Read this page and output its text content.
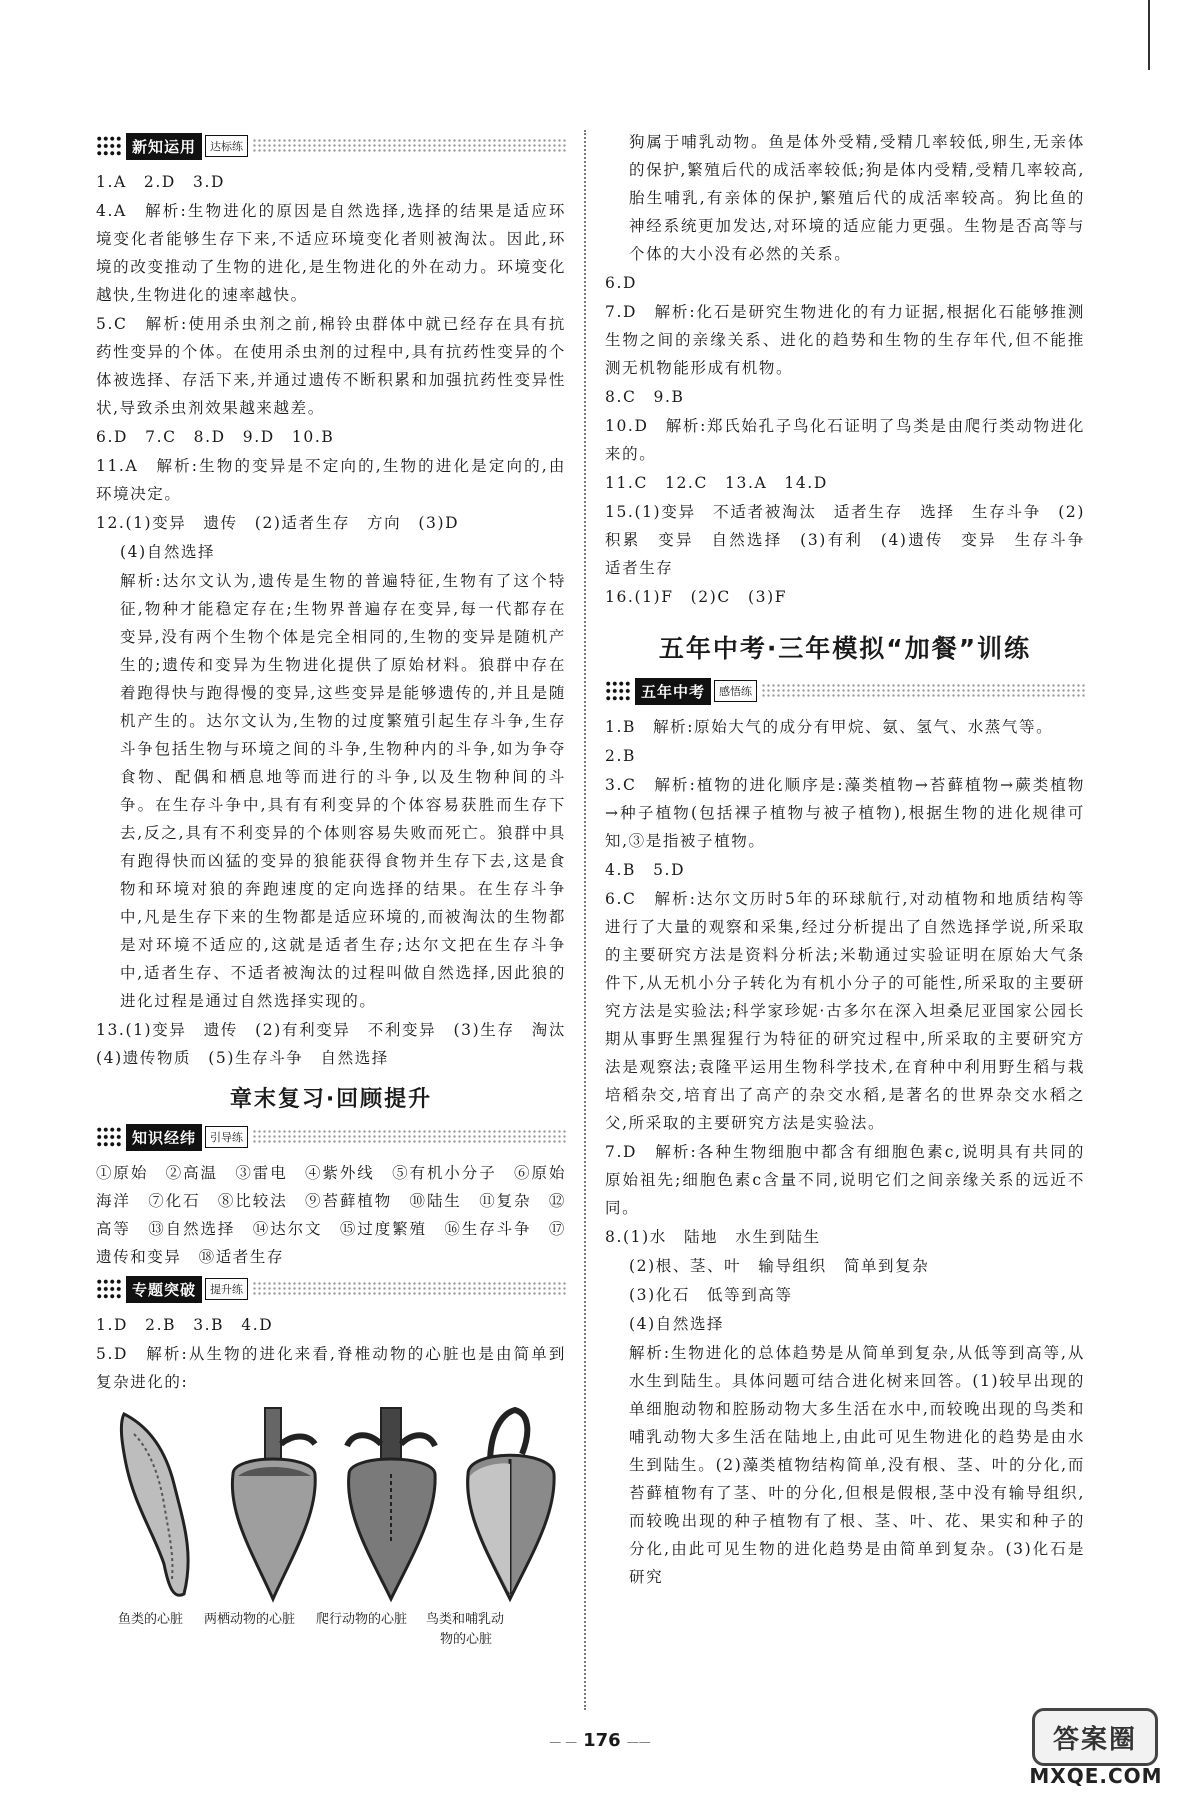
新知运用	达标练

1.A　2.D　3.D

4.A　解析:生物进化的原因是自然选择,选择的结果是适应环境变化者能够生存下来,不适应环境变化者则被淘汰。因此,环境的改变推动了生物的进化,是生物进化的外在动力。环境变化越快,生物进化的速率越快。

5.C　解析:使用杀虫剂之前,棉铃虫群体中就已经存在具有抗药性变异的个体。在使用杀虫剂的过程中,具有抗药性变异的个体被选择、存活下来,并通过遗传不断积累和加强抗药性变异性状,导致杀虫剂效果越来越差。

6.D　7.C　8.D　9.D　10.B

11.A　解析:生物的变异是不定向的,生物的进化是定向的,由环境决定。

12.(1)变异　遗传　(2)适者生存　方向　(3)D

(4)自然选择

解析:达尔文认为,遗传是生物的普遍特征,生物有了这个特征,物种才能稳定存在;生物界普遍存在变异,每一代都存在变异,没有两个生物个体是完全相同的,生物的变异是随机产生的;遗传和变异为生物进化提供了原始材料。狼群中存在着跑得快与跑得慢的变异,这些变异是能够遗传的,并且是随机产生的。达尔文认为,生物的过度繁殖引起生存斗争,生存斗争包括生物与环境之间的斗争,生物种内的斗争,如为争夺食物、配偶和栖息地等而进行的斗争,以及生物种间的斗争。在生存斗争中,具有有利变异的个体容易获胜而生存下去,反之,具有不利变异的个体则容易失败而死亡。狼群中具有跑得快而凶猛的变异的狼能获得食物并生存下去,这是食物和环境对狼的奔跑速度的定向选择的结果。在生存斗争中,凡是生存下来的生物都是适应环境的,而被淘汰的生物都是对环境不适应的,这就是适者生存;达尔文把在生存斗争中,适者生存、不适者被淘汰的过程叫做自然选择,因此狼的进化过程是通过自然选择实现的。

13.(1)变异　遗传　(2)有利变异　不利变异　(3)生存　淘汰　(4)遗传物质　(5)生存斗争　自然选择

章末复习·回顾提升
知识经纬	引导练

①原始　②高温　③雷电　④紫外线　⑤有机小分子　⑥原始海洋　⑦化石　⑧比较法　⑨苔藓植物　⑩陆生　⑪复杂　⑫高等　⑬自然选择　⑭达尔文　⑮过度繁殖　⑯生存斗争　⑰遗传和变异　⑱适者生存

专题突破	提升练

1.D　2.B　3.B　4.D

5.D　解析:从生物的进化来看,脊椎动物的心脏也是由简单到复杂进化的:

鱼类的心脏 两栖动物的心脏 爬行动物的心脏 鸟类和哺乳动
物的心脏

狗属于哺乳动物。鱼是体外受精,受精几率较低,卵生,无亲体的保护,繁殖后代的成活率较低;狗是体内受精,受精几率较高,胎生哺乳,有亲体的保护,繁殖后代的成活率较高。狗比鱼的神经系统更加发达,对环境的适应能力更强。生物是否高等与个体的大小没有必然的关系。

6.D

7.D　解析:化石是研究生物进化的有力证据,根据化石能够推测生物之间的亲缘关系、进化的趋势和生物的生存年代,但不能推测无机物能形成有机物。

8.C　9.B

10.D　解析:郑氏始孔子鸟化石证明了鸟类是由爬行类动物进化来的。

11.C　12.C　13.A　14.D

15.(1)变异　不适者被淘汰　适者生存　选择　生存斗争　(2)积累　变异　自然选择　(3)有利　(4)遗传　变异　生存斗争　适者生存

16.(1)F　(2)C　(3)F

五年中考·三年模拟“加餐”训练
五年中考	感悟练

1.B　解析:原始大气的成分有甲烷、氨、氢气、水蒸气等。

2.B

3.C　解析:植物的进化顺序是:藻类植物→苔藓植物→蕨类植物→种子植物(包括裸子植物与被子植物),根据生物的进化规律可知,③是指被子植物。

4.B　5.D

6.C　解析:达尔文历时5年的环球航行,对动植物和地质结构等进行了大量的观察和采集,经过分析提出了自然选择学说,所采取的主要研究方法是资料分析法;米勒通过实验证明在原始大气条件下,从无机小分子转化为有机小分子的可能性,所采取的主要研究方法是实验法;科学家珍妮·古多尔在深入坦桑尼亚国家公园长期从事野生黑猩猩行为特征的研究过程中,所采取的主要研究方法是观察法;袁隆平运用生物科学技术,在育种中利用野生稻与栽培稻杂交,培育出了高产的杂交水稻,是著名的世界杂交水稻之父,所采取的主要研究方法是实验法。

7.D　解析:各种生物细胞中都含有细胞色素c,说明具有共同的原始祖先;细胞色素c含量不同,说明它们之间亲缘关系的远近不同。

8.(1)水　陆地　水生到陆生

(2)根、茎、叶　输导组织　简单到复杂

(3)化石　低等到高等

(4)自然选择

解析:生物进化的总体趋势是从简单到复杂,从低等到高等,从水生到陆生。具体问题可结合进化树来回答。(1)较早出现的单细胞动物和腔肠动物大多生活在水中,而较晚出现的鸟类和哺乳动物大多生活在陆地上,由此可见生物进化的趋势是由水生到陆生。(2)藻类植物结构简单,没有根、茎、叶的分化,而苔藓植物有了茎、叶的分化,但根是假根,茎中没有输导组织,而较晚出现的种子植物有了根、茎、叶、花、果实和种子的分化,由此可见生物的进化趋势是由简单到复杂。(3)化石是研究

— — 176 ——	答案圈
MXQE.COM
